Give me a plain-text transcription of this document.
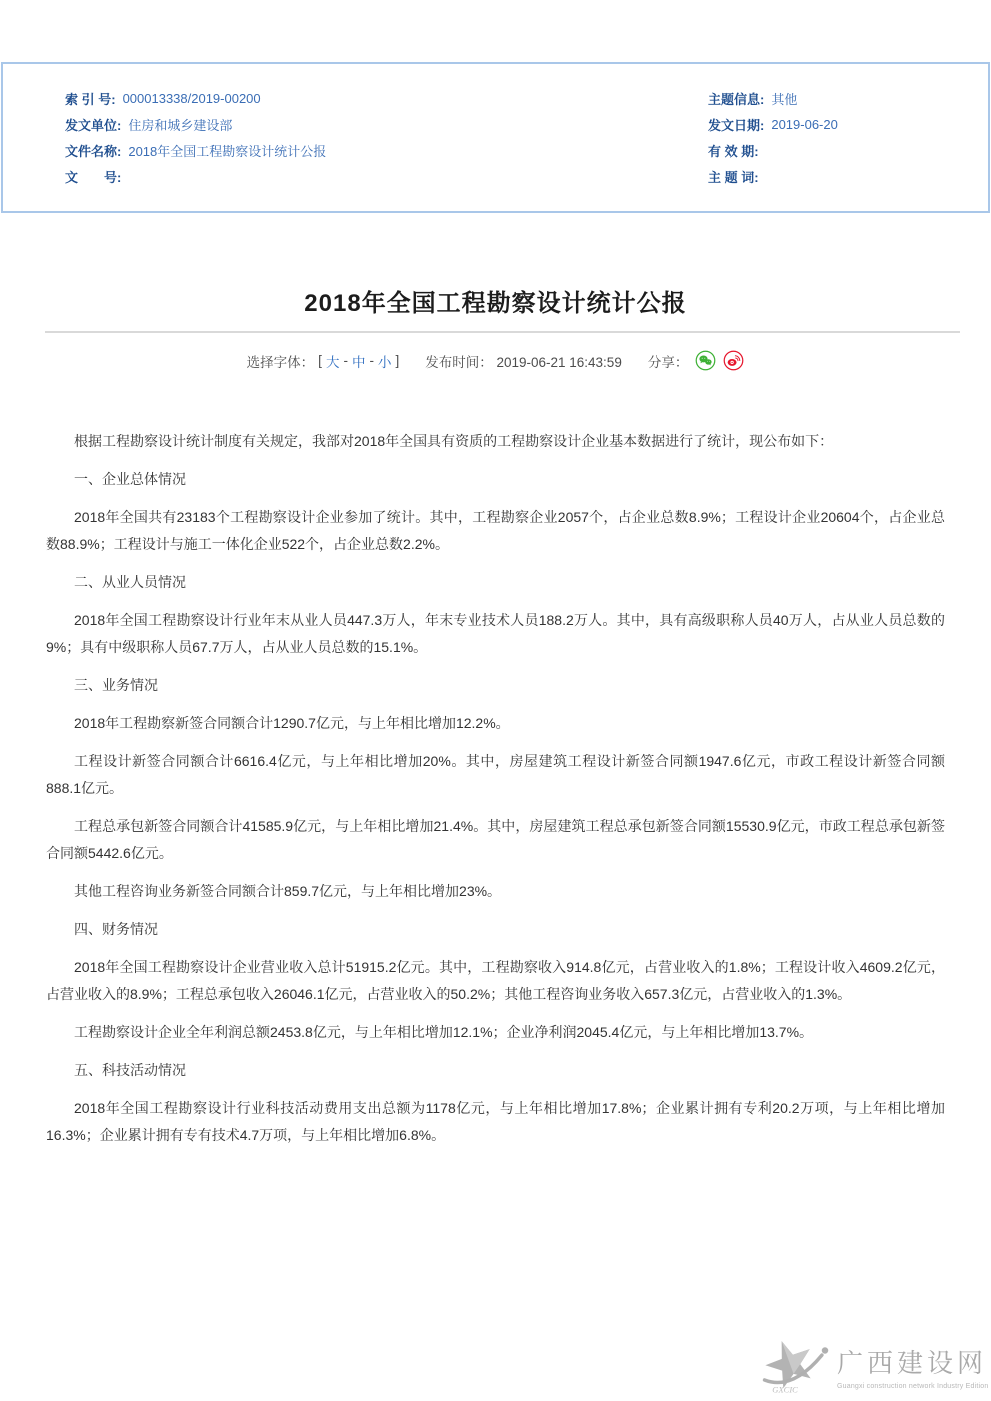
索 引 号: 000013338/2019-00200
发文单位: 住房和城乡建设部
文件名称: 2018年全国工程勘察设计统计公报
文　　号:
主题信息: 其他
发文日期: 2019-06-20
有 效 期:
主 题 词:
2018年全国工程勘察设计统计公报
选择字体： [ 大 - 中 - 小 ] 发布时间： 2019-06-21 16:43:59 分享：

根据工程勘察设计统计制度有关规定，我部对2018年全国具有资质的工程勘察设计企业基本数据进行了统计，现公布如下：

一、企业总体情况

2018年全国共有23183个工程勘察设计企业参加了统计。其中，工程勘察企业2057个，占企业总数8.9%；工程设计企业20604个，占企业总数88.9%；工程设计与施工一体化企业522个，占企业总数2.2%。

二、从业人员情况

2018年全国工程勘察设计行业年末从业人员447.3万人，年末专业技术人员188.2万人。其中，具有高级职称人员40万人，占从业人员总数的9%；具有中级职称人员67.7万人，占从业人员总数的15.1%。

三、业务情况

2018年工程勘察新签合同额合计1290.7亿元，与上年相比增加12.2%。

工程设计新签合同额合计6616.4亿元，与上年相比增加20%。其中，房屋建筑工程设计新签合同额1947.6亿元，市政工程设计新签合同额888.1亿元。

工程总承包新签合同额合计41585.9亿元，与上年相比增加21.4%。其中，房屋建筑工程总承包新签合同额15530.9亿元，市政工程总承包新签合同额5442.6亿元。

其他工程咨询业务新签合同额合计859.7亿元，与上年相比增加23%。

四、财务情况

2018年全国工程勘察设计企业营业收入总计51915.2亿元。其中，工程勘察收入914.8亿元，占营业收入的1.8%；工程设计收入4609.2亿元，占营业收入的8.9%；工程总承包收入26046.1亿元，占营业收入的50.2%；其他工程咨询业务收入657.3亿元，占营业收入的1.3%。

工程勘察设计企业全年利润总额2453.8亿元，与上年相比增加12.1%；企业净利润2045.4亿元，与上年相比增加13.7%。

五、科技活动情况

2018年全国工程勘察设计行业科技活动费用支出总额为1178亿元，与上年相比增加17.8%；企业累计拥有专利20.2万项，与上年相比增加16.3%；企业累计拥有专有技术4.7万项，与上年相比增加6.8%。

GXCIC
广西建设网
Guangxi construction network Industry Edition
